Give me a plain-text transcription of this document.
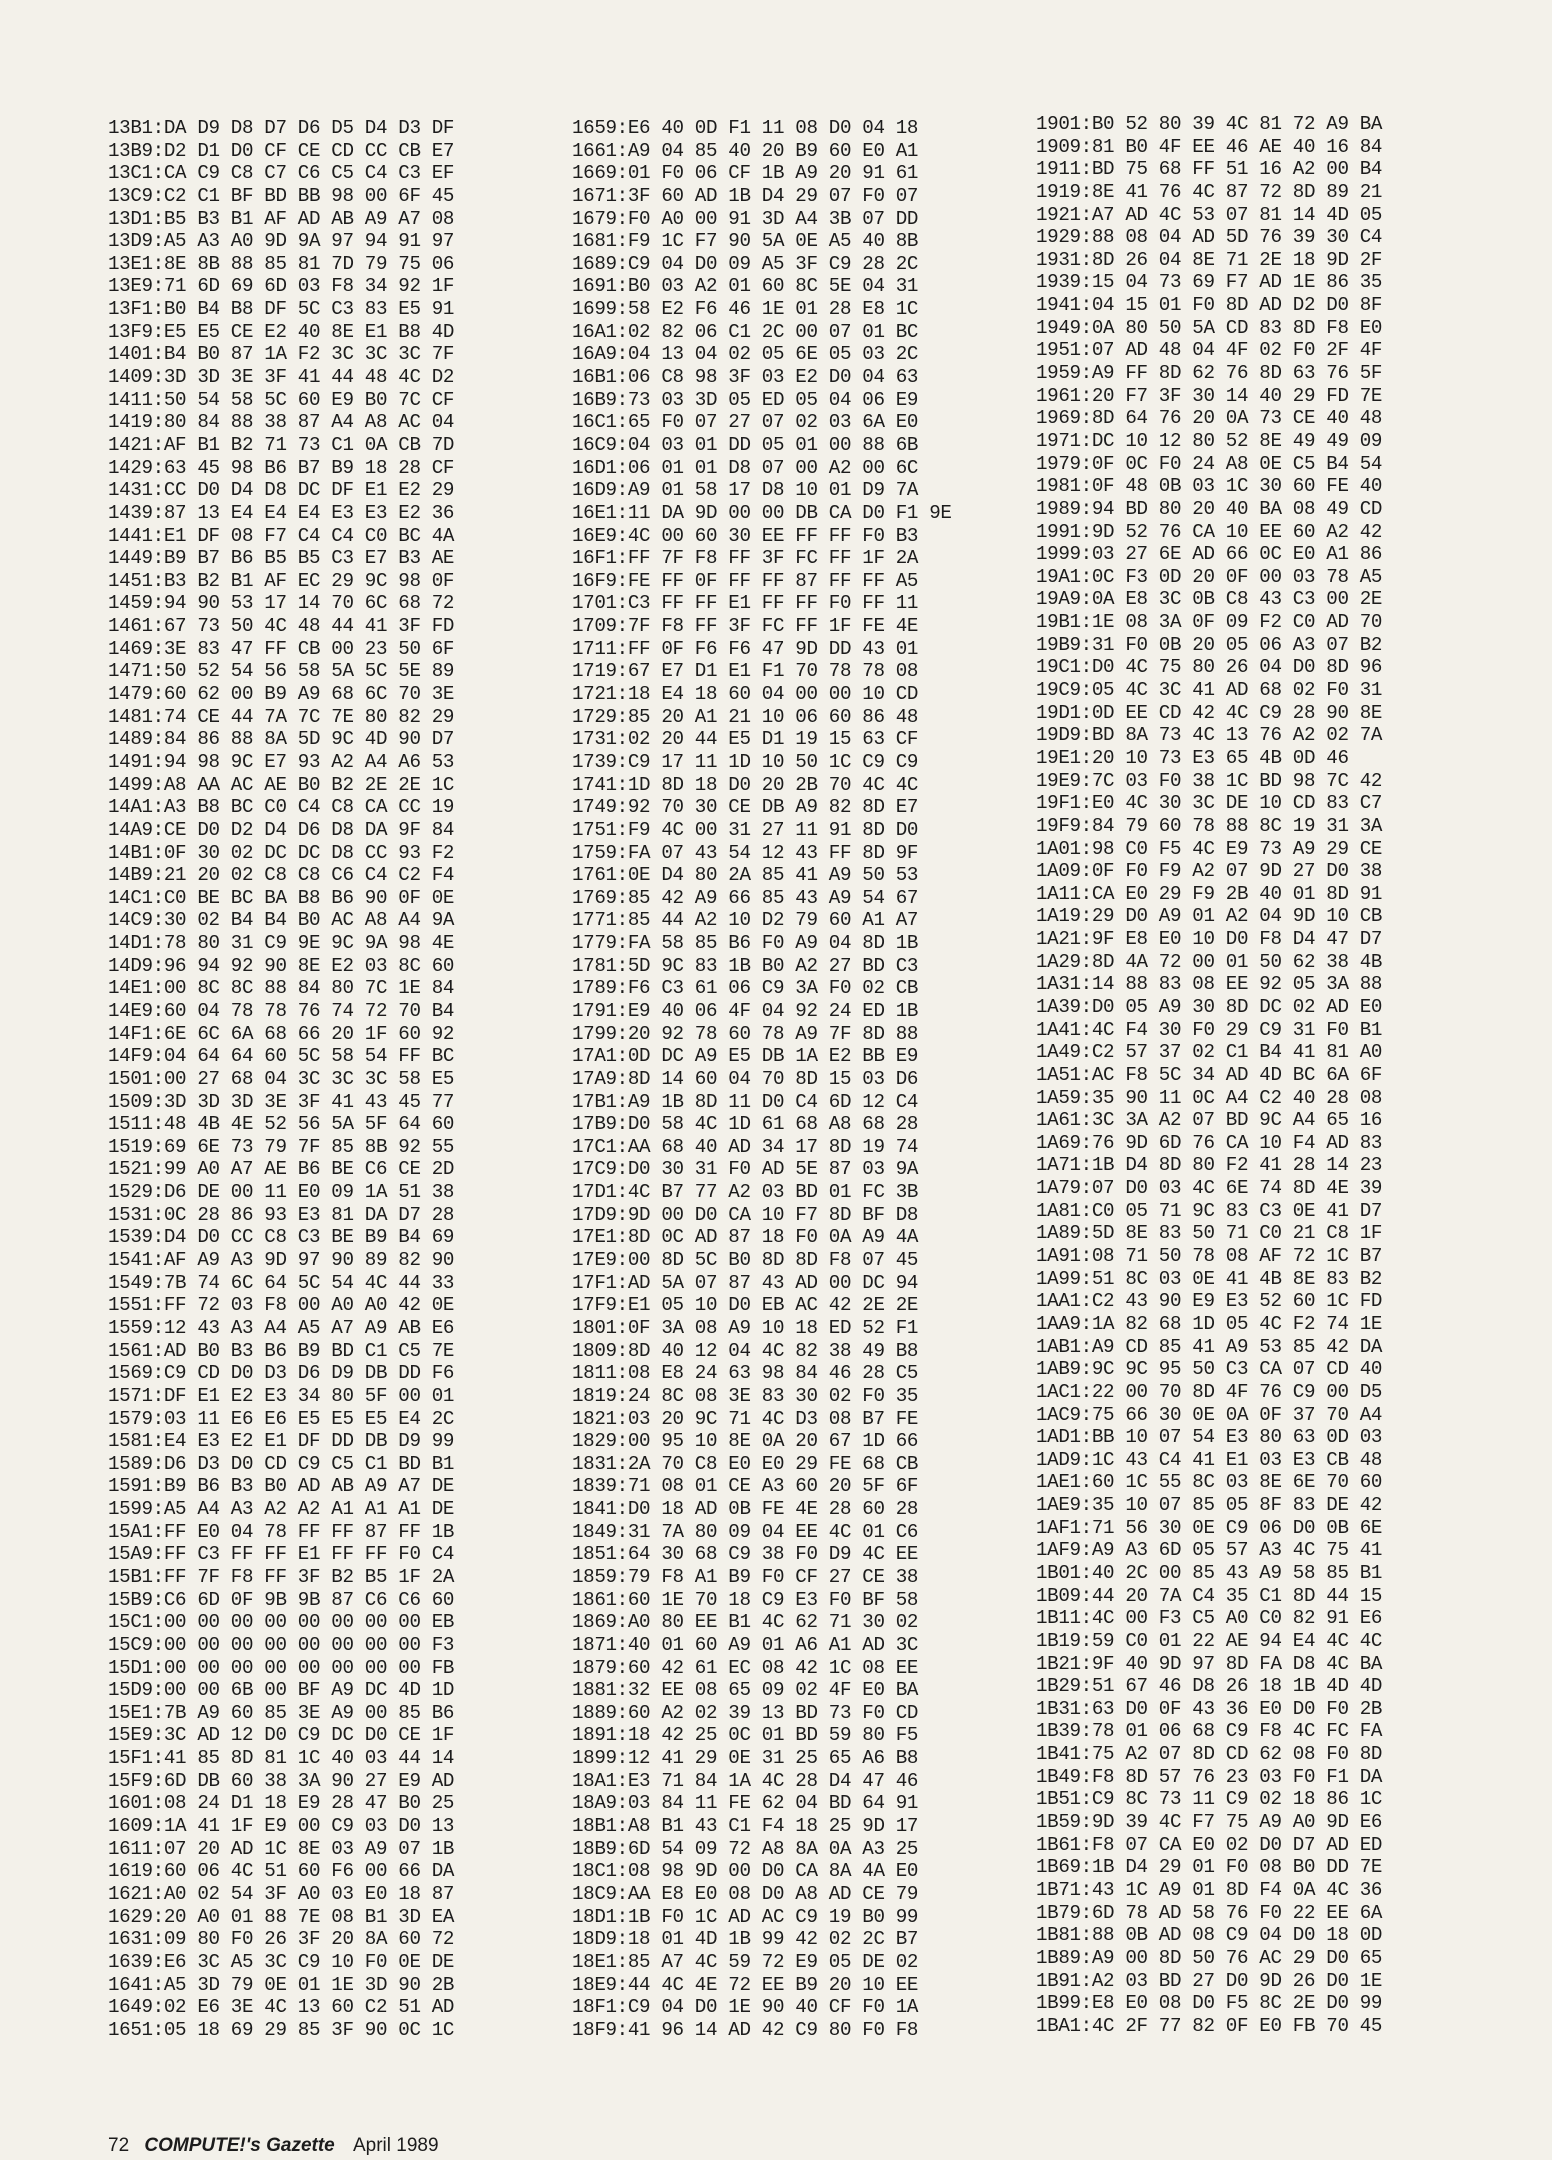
13B1:DA D9 D8 D7 D6 D5 D4 D3 DF
13B9:D2 D1 D0 CF CE CD CC CB E7
13C1:CA C9 C8 C7 C6 C5 C4 C3 EF
13C9:C2 C1 BF BD BB 98 00 6F 45
13D1:B5 B3 B1 AF AD AB A9 A7 08
13D9:A5 A3 A0 9D 9A 97 94 91 97
13E1:8E 8B 88 85 81 7D 79 75 06
13E9:71 6D 69 6D 03 F8 34 92 1F
13F1:B0 B4 B8 DF 5C C3 83 E5 91
13F9:E5 E5 CE E2 40 8E E1 B8 4D
1401:B4 B0 87 1A F2 3C 3C 3C 7F
1409:3D 3D 3E 3F 41 44 48 4C D2
1411:50 54 58 5C 60 E9 B0 7C CF
1419:80 84 88 38 87 A4 A8 AC 04
1421:AF B1 B2 71 73 C1 0A CB 7D
1429:63 45 98 B6 B7 B9 18 28 CF
1431:CC D0 D4 D8 DC DF E1 E2 29
1439:87 13 E4 E4 E4 E3 E3 E2 36
1441:E1 DF 08 F7 C4 C4 C0 BC 4A
1449:B9 B7 B6 B5 B5 C3 E7 B3 AE
1451:B3 B2 B1 AF EC 29 9C 98 0F
1459:94 90 53 17 14 70 6C 68 72
1461:67 73 50 4C 48 44 41 3F FD
1469:3E 83 47 FF CB 00 23 50 6F
1471:50 52 54 56 58 5A 5C 5E 89
1479:60 62 00 B9 A9 68 6C 70 3E
1481:74 CE 44 7A 7C 7E 80 82 29
1489:84 86 88 8A 5D 9C 4D 90 D7
1491:94 98 9C E7 93 A2 A4 A6 53
1499:A8 AA AC AE B0 B2 2E 2E 1C
14A1:A3 B8 BC C0 C4 C8 CA CC 19
14A9:CE D0 D2 D4 D6 D8 DA 9F 84
14B1:0F 30 02 DC DC D8 CC 93 F2
14B9:21 20 02 C8 C8 C6 C4 C2 F4
14C1:C0 BE BC BA B8 B6 90 0F 0E
14C9:30 02 B4 B4 B0 AC A8 A4 9A
14D1:78 80 31 C9 9E 9C 9A 98 4E
14D9:96 94 92 90 8E E2 03 8C 60
14E1:00 8C 8C 88 84 80 7C 1E 84
14E9:60 04 78 78 76 74 72 70 B4
14F1:6E 6C 6A 68 66 20 1F 60 92
14F9:04 64 64 60 5C 58 54 FF BC
1501:00 27 68 04 3C 3C 3C 58 E5
1509:3D 3D 3D 3E 3F 41 43 45 77
1511:48 4B 4E 52 56 5A 5F 64 60
1519:69 6E 73 79 7F 85 8B 92 55
1521:99 A0 A7 AE B6 BE C6 CE 2D
1529:D6 DE 00 11 E0 09 1A 51 38
1531:0C 28 86 93 E3 81 DA D7 28
1539:D4 D0 CC C8 C3 BE B9 B4 69
1541:AF A9 A3 9D 97 90 89 82 90
1549:7B 74 6C 64 5C 54 4C 44 33
1551:FF 72 03 F8 00 A0 A0 42 0E
1559:12 43 A3 A4 A5 A7 A9 AB E6
1561:AD B0 B3 B6 B9 BD C1 C5 7E
1569:C9 CD D0 D3 D6 D9 DB DD F6
1571:DF E1 E2 E3 34 80 5F 00 01
1579:03 11 E6 E6 E5 E5 E5 E4 2C
1581:E4 E3 E2 E1 DF DD DB D9 99
1589:D6 D3 D0 CD C9 C5 C1 BD B1
1591:B9 B6 B3 B0 AD AB A9 A7 DE
1599:A5 A4 A3 A2 A2 A1 A1 A1 DE
15A1:FF E0 04 78 FF FF 87 FF 1B
15A9:FF C3 FF FF E1 FF FF F0 C4
15B1:FF 7F F8 FF 3F B2 B5 1F 2A
15B9:C6 6D 0F 9B 9B 87 C6 C6 60
15C1:00 00 00 00 00 00 00 00 EB
15C9:00 00 00 00 00 00 00 00 F3
15D1:00 00 00 00 00 00 00 00 FB
15D9:00 00 6B 00 BF A9 DC 4D 1D
15E1:7B A9 60 85 3E A9 00 85 B6
15E9:3C AD 12 D0 C9 DC D0 CE 1F
15F1:41 85 8D 81 1C 40 03 44 14
15F9:6D DB 60 38 3A 90 27 E9 AD
1601:08 24 D1 18 E9 28 47 B0 25
1609:1A 41 1F E9 00 C9 03 D0 13
1611:07 20 AD 1C 8E 03 A9 07 1B
1619:60 06 4C 51 60 F6 00 66 DA
1621:A0 02 54 3F A0 03 E0 18 87
1629:20 A0 01 88 7E 08 B1 3D EA
1631:09 80 F0 26 3F 20 8A 60 72
1639:E6 3C A5 3C C9 10 F0 0E DE
1641:A5 3D 79 0E 01 1E 3D 90 2B
1649:02 E6 3E 4C 13 60 C2 51 AD
1651:05 18 69 29 85 3F 90 0C 1C
1659:E6 40 0D F1 11 08 D0 04 18
1661:A9 04 85 40 20 B9 60 E0 A1
1669:01 F0 06 CF 1B A9 20 91 61
1671:3F 60 AD 1B D4 29 07 F0 07
1679:F0 A0 00 91 3D A4 3B 07 DD
1681:F9 1C F7 90 5A 0E A5 40 8B
1689:C9 04 D0 09 A5 3F C9 28 2C
1691:B0 03 A2 01 60 8C 5E 04 31
1699:58 E2 F6 46 1E 01 28 E8 1C
16A1:02 82 06 C1 2C 00 07 01 BC
16A9:04 13 04 02 05 6E 05 03 2C
16B1:06 C8 98 3F 03 E2 D0 04 63
16B9:73 03 3D 05 ED 05 04 06 E9
16C1:65 F0 07 27 07 02 03 6A E0
16C9:04 03 01 DD 05 01 00 88 6B
16D1:06 01 01 D8 07 00 A2 00 6C
16D9:A9 01 58 17 D8 10 01 D9 7A
16E1:11 DA 9D 00 00 DB CA D0 F1 9E
16E9:4C 00 60 30 EE FF FF F0 B3
16F1:FF 7F F8 FF 3F FC FF 1F 2A
16F9:FE FF 0F FF FF 87 FF FF A5
1701:C3 FF FF E1 FF FF F0 FF 11
1709:7F F8 FF 3F FC FF 1F FE 4E
1711:FF 0F F6 F6 47 9D DD 43 01
1719:67 E7 D1 E1 F1 70 78 78 08
1721:18 E4 18 60 04 00 00 10 CD
1729:85 20 A1 21 10 06 60 86 48
1731:02 20 44 E5 D1 19 15 63 CF
1739:C9 17 11 1D 10 50 1C C9 C9
1741:1D 8D 18 D0 20 2B 70 4C 4C
1749:92 70 30 CE DB A9 82 8D E7
1751:F9 4C 00 31 27 11 91 8D D0
1759:FA 07 43 54 12 43 FF 8D 9F
1761:0E D4 80 2A 85 41 A9 50 53
1769:85 42 A9 66 85 43 A9 54 67
1771:85 44 A2 10 D2 79 60 A1 A7
1779:FA 58 85 B6 F0 A9 04 8D 1B
1781:5D 9C 83 1B B0 A2 27 BD C3
1789:F6 C3 61 06 C9 3A F0 02 CB
1791:E9 40 06 4F 04 92 24 ED 1B
1799:20 92 78 60 78 A9 7F 8D 88
17A1:0D DC A9 E5 DB 1A E2 BB E9
17A9:8D 14 60 04 70 8D 15 03 D6
17B1:A9 1B 8D 11 D0 C4 6D 12 C4
17B9:D0 58 4C 1D 61 68 A8 68 28
17C1:AA 68 40 AD 34 17 8D 19 74
17C9:D0 30 31 F0 AD 5E 87 03 9A
17D1:4C B7 77 A2 03 BD 01 FC 3B
17D9:9D 00 D0 CA 10 F7 8D BF D8
17E1:8D 0C AD 87 18 F0 0A A9 4A
17E9:00 8D 5C B0 8D 8D F8 07 45
17F1:AD 5A 07 87 43 AD 00 DC 94
17F9:E1 05 10 D0 EB AC 42 2E 2E
1801:0F 3A 08 A9 10 18 ED 52 F1
1809:8D 40 12 04 4C 82 38 49 B8
1811:08 E8 24 63 98 84 46 28 C5
1819:24 8C 08 3E 83 30 02 F0 35
1821:03 20 9C 71 4C D3 08 B7 FE
1829:00 95 10 8E 0A 20 67 1D 66
1831:2A 70 C8 E0 E0 29 FE 68 CB
1839:71 08 01 CE A3 60 20 5F 6F
1841:D0 18 AD 0B FE 4E 28 60 28
1849:31 7A 80 09 04 EE 4C 01 C6
1851:64 30 68 C9 38 F0 D9 4C EE
1859:79 F8 A1 B9 F0 CF 27 CE 38
1861:60 1E 70 18 C9 E3 F0 BF 58
1869:A0 80 EE B1 4C 62 71 30 02
1871:40 01 60 A9 01 A6 A1 AD 3C
1879:60 42 61 EC 08 42 1C 08 EE
1881:32 EE 08 65 09 02 4F E0 BA
1889:60 A2 02 39 13 BD 73 F0 CD
1891:18 42 25 0C 01 BD 59 80 F5
1899:12 41 29 0E 31 25 65 A6 B8
18A1:E3 71 84 1A 4C 28 D4 47 46
18A9:03 84 11 FE 62 04 BD 64 91
18B1:A8 B1 43 C1 F4 18 25 9D 17
18B9:6D 54 09 72 A8 8A 0A A3 25
18C1:08 98 9D 00 D0 CA 8A 4A E0
18C9:AA E8 E0 08 D0 A8 AD CE 79
18D1:1B F0 1C AD AC C9 19 B0 99
18D9:18 01 4D 1B 99 42 02 2C B7
18E1:85 A7 4C 59 72 E9 05 DE 02
18E9:44 4C 4E 72 EE B9 20 10 EE
18F1:C9 04 D0 1E 90 40 CF F0 1A
18F9:41 96 14 AD 42 C9 80 F0 F8
1901:B0 52 80 39 4C 81 72 A9 BA
1909:81 B0 4F EE 46 AE 40 16 84
1911:BD 75 68 FF 51 16 A2 00 B4
1919:8E 41 76 4C 87 72 8D 89 21
1921:A7 AD 4C 53 07 81 14 4D 05
1929:88 08 04 AD 5D 76 39 30 C4
1931:8D 26 04 8E 71 2E 18 9D 2F
1939:15 04 73 69 F7 AD 1E 86 35
1941:04 15 01 F0 8D AD D2 D0 8F
1949:0A 80 50 5A CD 83 8D F8 E0
1951:07 AD 48 04 4F 02 F0 2F 4F
1959:A9 FF 8D 62 76 8D 63 76 5F
1961:20 F7 3F 30 14 40 29 FD 7E
1969:8D 64 76 20 0A 73 CE 40 48
1971:DC 10 12 80 52 8E 49 49 09
1979:0F 0C F0 24 A8 0E C5 B4 54
1981:0F 48 0B 03 1C 30 60 FE 40
1989:94 BD 80 20 40 BA 08 49 CD
1991:9D 52 76 CA 10 EE 60 A2 42
1999:03 27 6E AD 66 0C E0 A1 86
19A1:0C F3 0D 20 0F 00 03 78 A5
19A9:0A E8 3C 0B C8 43 C3 00 2E
19B1:1E 08 3A 0F 09 F2 C0 AD 70
19B9:31 F0 0B 20 05 06 A3 07 B2
19C1:D0 4C 75 80 26 04 D0 8D 96
19C9:05 4C 3C 41 AD 68 02 F0 31
19D1:0D EE CD 42 4C C9 28 90 8E
19D9:BD 8A 73 4C 13 76 A2 02 7A
19E1:20 10 73 E3 65 4B 0D 46
19E9:7C 03 F0 38 1C BD 98 7C 42
19F1:E0 4C 30 3C DE 10 CD 83 C7
19F9:84 79 60 78 88 8C 19 31 3A
1A01:98 C0 F5 4C E9 73 A9 29 CE
1A09:0F F0 F9 A2 07 9D 27 D0 38
1A11:CA E0 29 F9 2B 40 01 8D 91
1A19:29 D0 A9 01 A2 04 9D 10 CB
1A21:9F E8 E0 10 D0 F8 D4 47 D7
1A29:8D 4A 72 00 01 50 62 38 4B
1A31:14 88 83 08 EE 92 05 3A 88
1A39:D0 05 A9 30 8D DC 02 AD E0
1A41:4C F4 30 F0 29 C9 31 F0 B1
1A49:C2 57 37 02 C1 B4 41 81 A0
1A51:AC F8 5C 34 AD 4D BC 6A 6F
1A59:35 90 11 0C A4 C2 40 28 08
1A61:3C 3A A2 07 BD 9C A4 65 16
1A69:76 9D 6D 76 CA 10 F4 AD 83
1A71:1B D4 8D 80 F2 41 28 14 23
1A79:07 D0 03 4C 6E 74 8D 4E 39
1A81:C0 05 71 9C 83 C3 0E 41 D7
1A89:5D 8E 83 50 71 C0 21 C8 1F
1A91:08 71 50 78 08 AF 72 1C B7
1A99:51 8C 03 0E 41 4B 8E 83 B2
1AA1:C2 43 90 E9 E3 52 60 1C FD
1AA9:1A 82 68 1D 05 4C F2 74 1E
1AB1:A9 CD 85 41 A9 53 85 42 DA
1AB9:9C 9C 95 50 C3 CA 07 CD 40
1AC1:22 00 70 8D 4F 76 C9 00 D5
1AC9:75 66 30 0E 0A 0F 37 70 A4
1AD1:BB 10 07 54 E3 80 63 0D 03
1AD9:1C 43 C4 41 E1 03 E3 CB 48
1AE1:60 1C 55 8C 03 8E 6E 70 60
1AE9:35 10 07 85 05 8F 83 DE 42
1AF1:71 56 30 0E C9 06 D0 0B 6E
1AF9:A9 A3 6D 05 57 A3 4C 75 41
1B01:40 2C 00 85 43 A9 58 85 B1
1B09:44 20 7A C4 35 C1 8D 44 15
1B11:4C 00 F3 C5 A0 C0 82 91 E6
1B19:59 C0 01 22 AE 94 E4 4C 4C
1B21:9F 40 9D 97 8D FA D8 4C BA
1B29:51 67 46 D8 26 18 1B 4D 4D
1B31:63 D0 0F 43 36 E0 D0 F0 2B
1B39:78 01 06 68 C9 F8 4C FC FA
1B41:75 A2 07 8D CD 62 08 F0 8D
1B49:F8 8D 57 76 23 03 F0 F1 DA
1B51:C9 8C 73 11 C9 02 18 86 1C
1B59:9D 39 4C F7 75 A9 A0 9D E6
1B61:F8 07 CA E0 02 D0 D7 AD ED
1B69:1B D4 29 01 F0 08 B0 DD 7E
1B71:43 1C A9 01 8D F4 0A 4C 36
1B79:6D 78 AD 58 76 F0 22 EE 6A
1B81:88 0B AD 08 C9 04 D0 18 0D
1B89:A9 00 8D 50 76 AC 29 D0 65
1B91:A2 03 BD 27 D0 9D 26 D0 1E
1B99:E8 E0 08 D0 F5 8C 2E D0 99
1BA1:4C 2F 77 82 0F E0 FB 70 45
72 COMPUTE!'s Gazette April 1989
